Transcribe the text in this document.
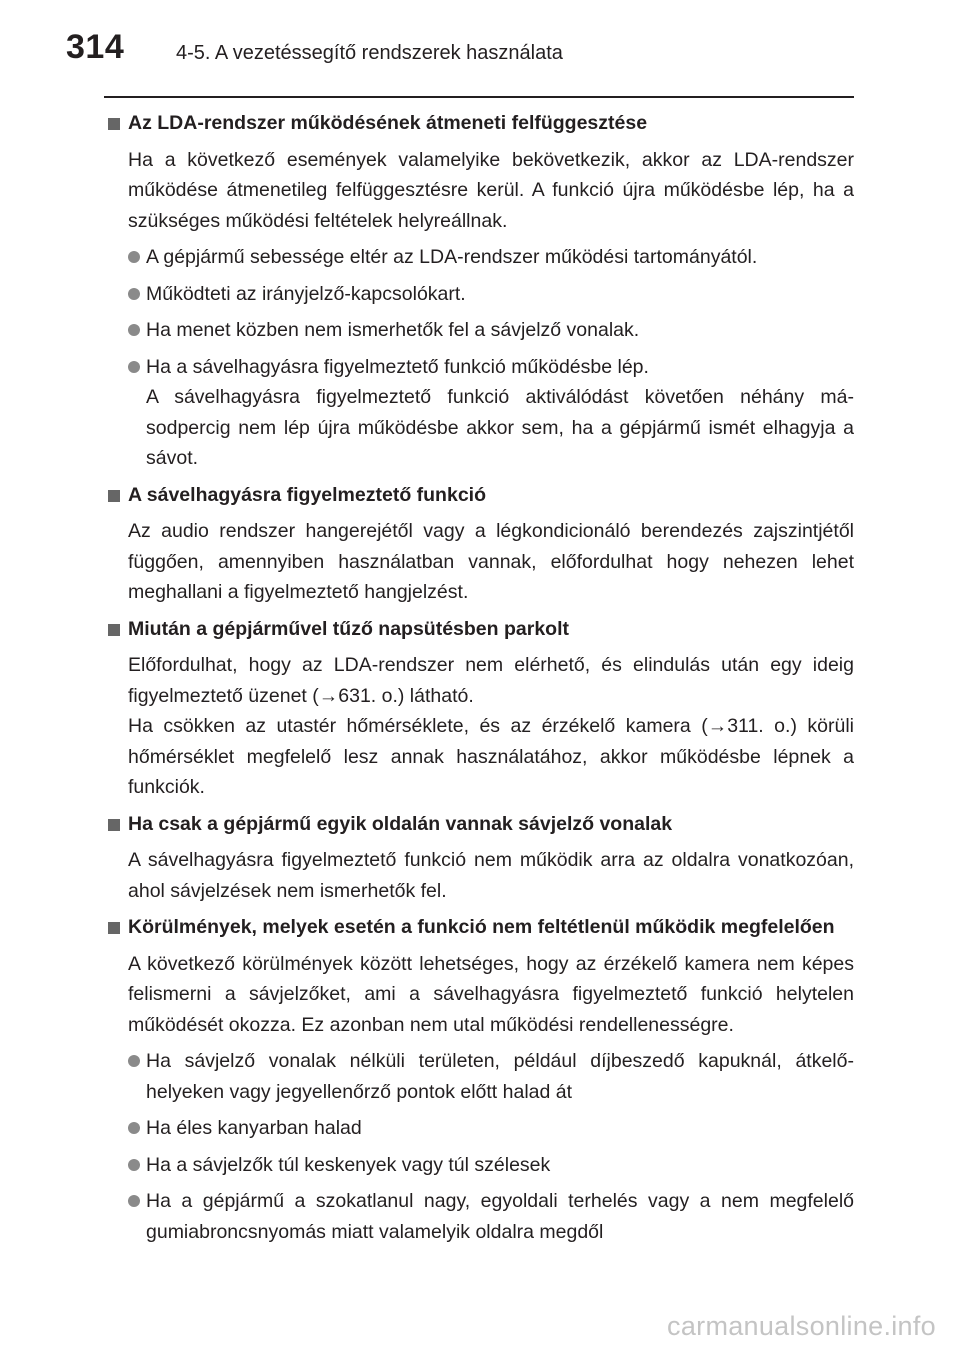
314	4-5. A vezetéssegítő rendszerek használata
Az LDA-rendszer működésének átmeneti felfüggesztése
Ha a következő események valamelyike bekövetkezik, akkor az LDA-rendszer működése átmenetileg felfüggesztésre kerül. A funkció újra működésbe lép, ha a szükséges működési feltételek helyreállnak.
A gépjármű sebessége eltér az LDA-rendszer működési tartományától.
Működteti az irányjelző-kapcsolókart.
Ha menet közben nem ismerhetők fel a sávjelző vonalak.
Ha a sávelhagyásra figyelmeztető funkció működésbe lép.
A sávelhagyásra figyelmeztető funkció aktiválódást követően néhány másodpercig nem lép újra működésbe akkor sem, ha a gépjármű ismét elhagyja a sávot.
A sávelhagyásra figyelmeztető funkció
Az audio rendszer hangerejétől vagy a légkondicionáló berendezés zajszintjétől függően, amennyiben használatban vannak, előfordulhat hogy nehezen lehet meghallani a figyelmeztető hangjelzést.
Miután a gépjárművel tűző napsütésben parkolt
Előfordulhat, hogy az LDA-rendszer nem elérhető, és elindulás után egy ideig figyelmeztető üzenet (→631. o.) látható.
Ha csökken az utastér hőmérséklete, és az érzékelő kamera (→311. o.) körüli hőmérséklet megfelelő lesz annak használatához, akkor működésbe lépnek a funkciók.
Ha csak a gépjármű egyik oldalán vannak sávjelző vonalak
A sávelhagyásra figyelmeztető funkció nem működik arra az oldalra vonatkozóan, ahol sávjelzések nem ismerhetők fel.
Körülmények, melyek esetén a funkció nem feltétlenül működik megfelelően
A következő körülmények között lehetséges, hogy az érzékelő kamera nem képes felismerni a sávjelzőket, ami a sávelhagyásra figyelmeztető funkció helytelen működését okozza. Ez azonban nem utal működési rendellenességre.
Ha sávjelző vonalak nélküli területen, például díjbeszedő kapuknál, átkelőhelyeken vagy jegyellenőrző pontok előtt halad át
Ha éles kanyarban halad
Ha a sávjelzők túl keskenyek vagy túl szélesek
Ha a gépjármű a szokatlanul nagy, egyoldali terhelés vagy a nem megfelelő gumiabroncsnyomás miatt valamelyik oldalra megdől
carmanualsonline.info
